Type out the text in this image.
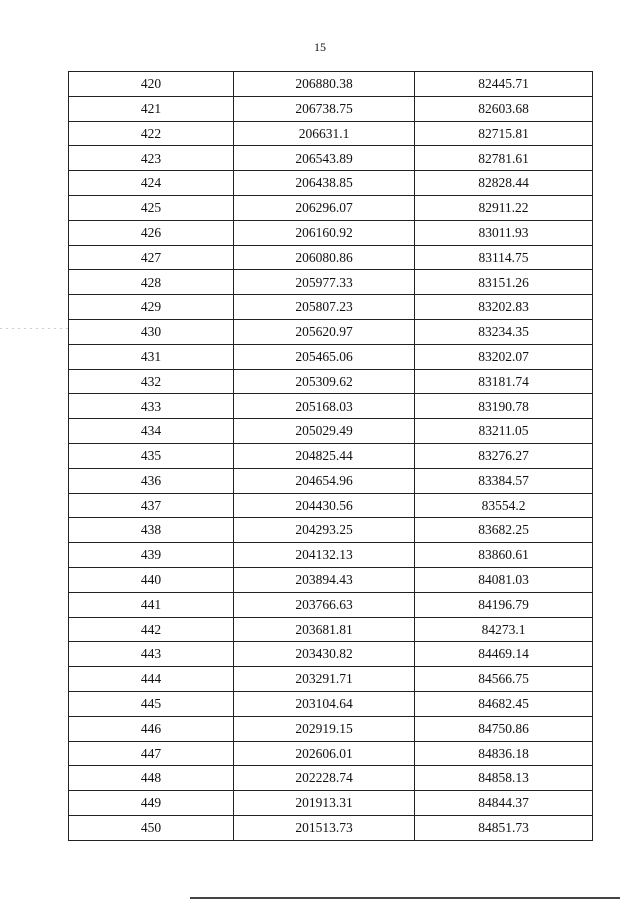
15
420	206880.38	82445.71
421	206738.75	82603.68
422	206631.1	82715.81
423	206543.89	82781.61
424	206438.85	82828.44
425	206296.07	82911.22
426	206160.92	83011.93
427	206080.86	83114.75
428	205977.33	83151.26
429	205807.23	83202.83
430	205620.97	83234.35
431	205465.06	83202.07
432	205309.62	83181.74
433	205168.03	83190.78
434	205029.49	83211.05
435	204825.44	83276.27
436	204654.96	83384.57
437	204430.56	83554.2
438	204293.25	83682.25
439	204132.13	83860.61
440	203894.43	84081.03
441	203766.63	84196.79
442	203681.81	84273.1
443	203430.82	84469.14
444	203291.71	84566.75
445	203104.64	84682.45
446	202919.15	84750.86
447	202606.01	84836.18
448	202228.74	84858.13
449	201913.31	84844.37
450	201513.73	84851.73
